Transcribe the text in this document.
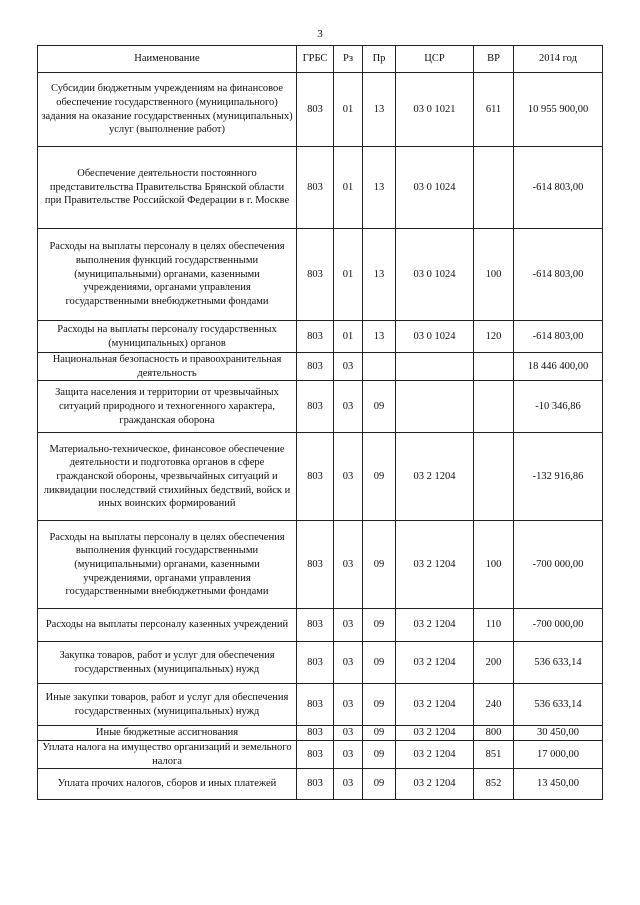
3
Наименование	ГРБС	Рз	Пр	ЦСР	ВР	2014 год
Субсидии бюджетным учреждениям на финансовое обеспечение государственного (муниципального) задания на оказание государственных (муниципальных) услуг (выполнение работ)	803	01	13	03 0 1021	611	10 955 900,00
Обеспечение деятельности постоянного представительства Правительства Брянской области при Правительстве Российской Федерации в г. Москве	803	01	13	03 0 1024		-614 803,00
Расходы на выплаты персоналу в целях обеспечения выполнения функций государственными (муниципальными) органами, казенными учреждениями, органами управления государственными внебюджетными фондами	803	01	13	03 0 1024	100	-614 803,00
Расходы на выплаты персоналу государственных (муниципальных) органов	803	01	13	03 0 1024	120	-614 803,00
Национальная безопасность и правоохранительная деятельность	803	03				18 446 400,00
Защита населения и территории от чрезвычайных ситуаций природного и техногенного характера, гражданская оборона	803	03	09			-10 346,86
Материально-техническое, финансовое обеспечение деятельности и подготовка органов в сфере гражданской обороны, чрезвычайных ситуаций и ликвидации последствий стихийных бедствий, войск и иных воинских формирований	803	03	09	03 2 1204		-132 916,86
Расходы на выплаты персоналу в целях обеспечения выполнения функций государственными (муниципальными) органами, казенными учреждениями, органами управления государственными внебюджетными фондами	803	03	09	03 2 1204	100	-700 000,00
Расходы на выплаты персоналу казенных учреждений	803	03	09	03 2 1204	110	-700 000,00
Закупка товаров, работ и услуг для обеспечения государственных (муниципальных) нужд	803	03	09	03 2 1204	200	536 633,14
Иные закупки товаров, работ и услуг для обеспечения государственных (муниципальных) нужд	803	03	09	03 2 1204	240	536 633,14
Иные бюджетные ассигнования	803	03	09	03 2 1204	800	30 450,00
Уплата налога на имущество организаций и земельного налога	803	03	09	03 2 1204	851	17 000,00
Уплата прочих налогов, сборов и иных платежей	803	03	09	03 2 1204	852	13 450,00
